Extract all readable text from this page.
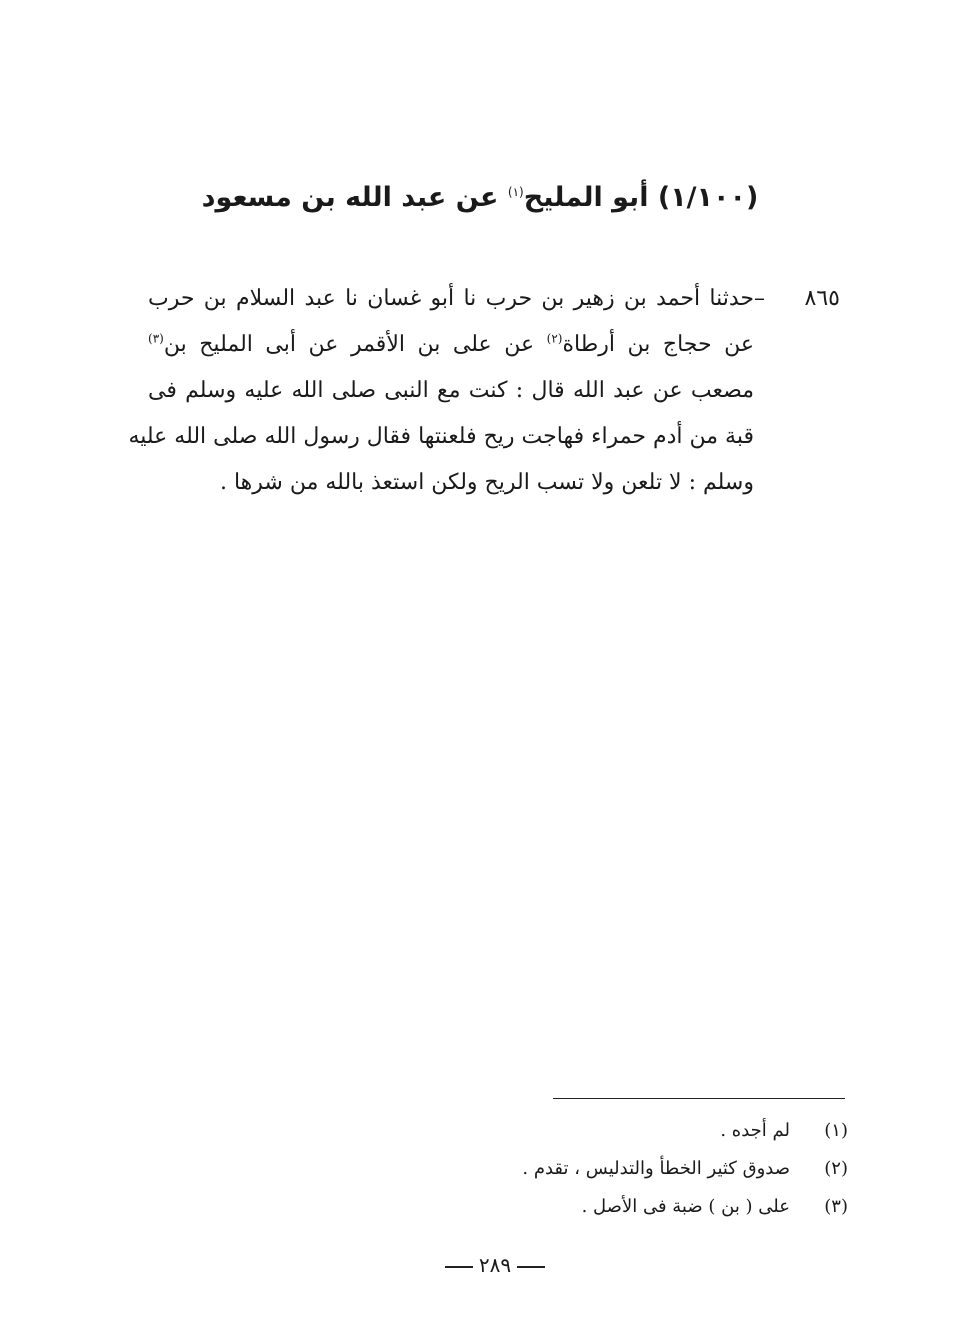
(١/١٠٠) أبو المليح$^{(١)}$ عن عبد الله بن مسعود
٨٦٥ –حدثنا أحمد بن زهير بن حرب نا أبو غسان نا عبد السلام بن حرب
عن حجاج بن أرطاة$^{(٢)}$ عن على بن الأقمر عن أبى المليح بن$^{(٣)}$
مصعب عن عبد الله قال : كنت مع النبى صلى الله عليه وسلم فى
قبة من أدم حمراء فهاجت ريح فلعنتها فقال رسول الله صلى الله عليه
وسلم : لا تلعن ولا تسب الريح ولكن استعذ بالله من شرها .
(١)لم أجده .
(٢)صدوق كثير الخطأ والتدليس ، تقدم .
(٣)على ( بن ) ضبة فى الأصل .
٢٨٩
